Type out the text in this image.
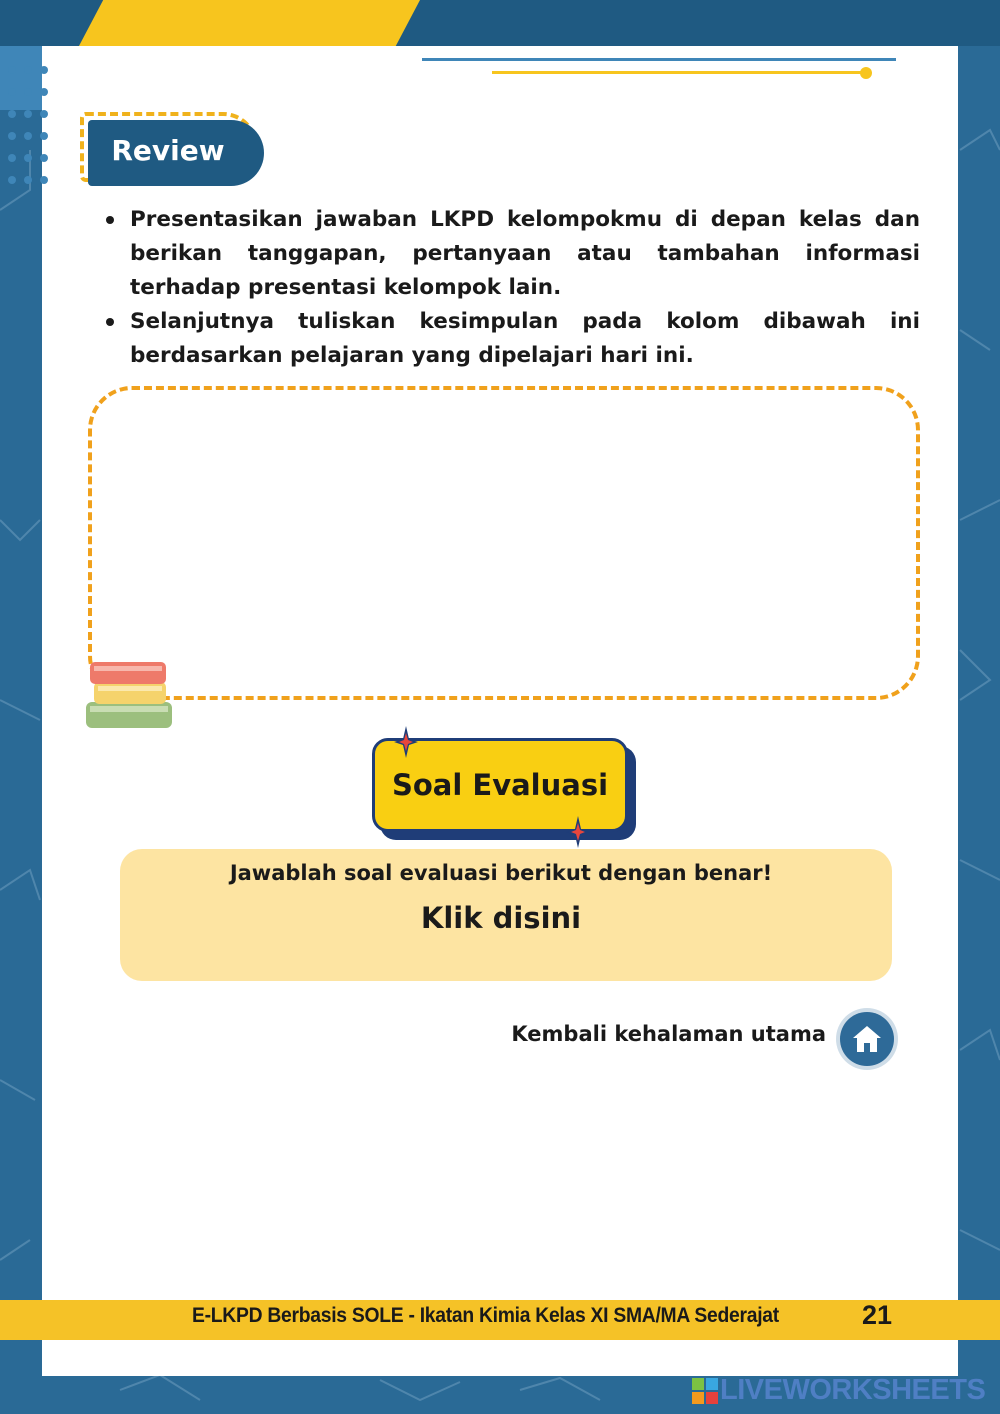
Review
Presentasikan jawaban LKPD kelompokmu di depan kelas dan berikan tanggapan, pertanyaan atau tambahan informasi terhadap presentasi kelompok lain.
Selanjutnya tuliskan kesimpulan pada kolom dibawah ini berdasarkan pelajaran yang dipelajari hari ini.
Soal Evaluasi
Jawablah soal evaluasi berikut dengan benar!
Klik disini
Kembali kehalaman utama
E-LKPD Berbasis SOLE - Ikatan Kimia Kelas XI SMA/MA Sederajat	21
LIVEWORKSHEETS
